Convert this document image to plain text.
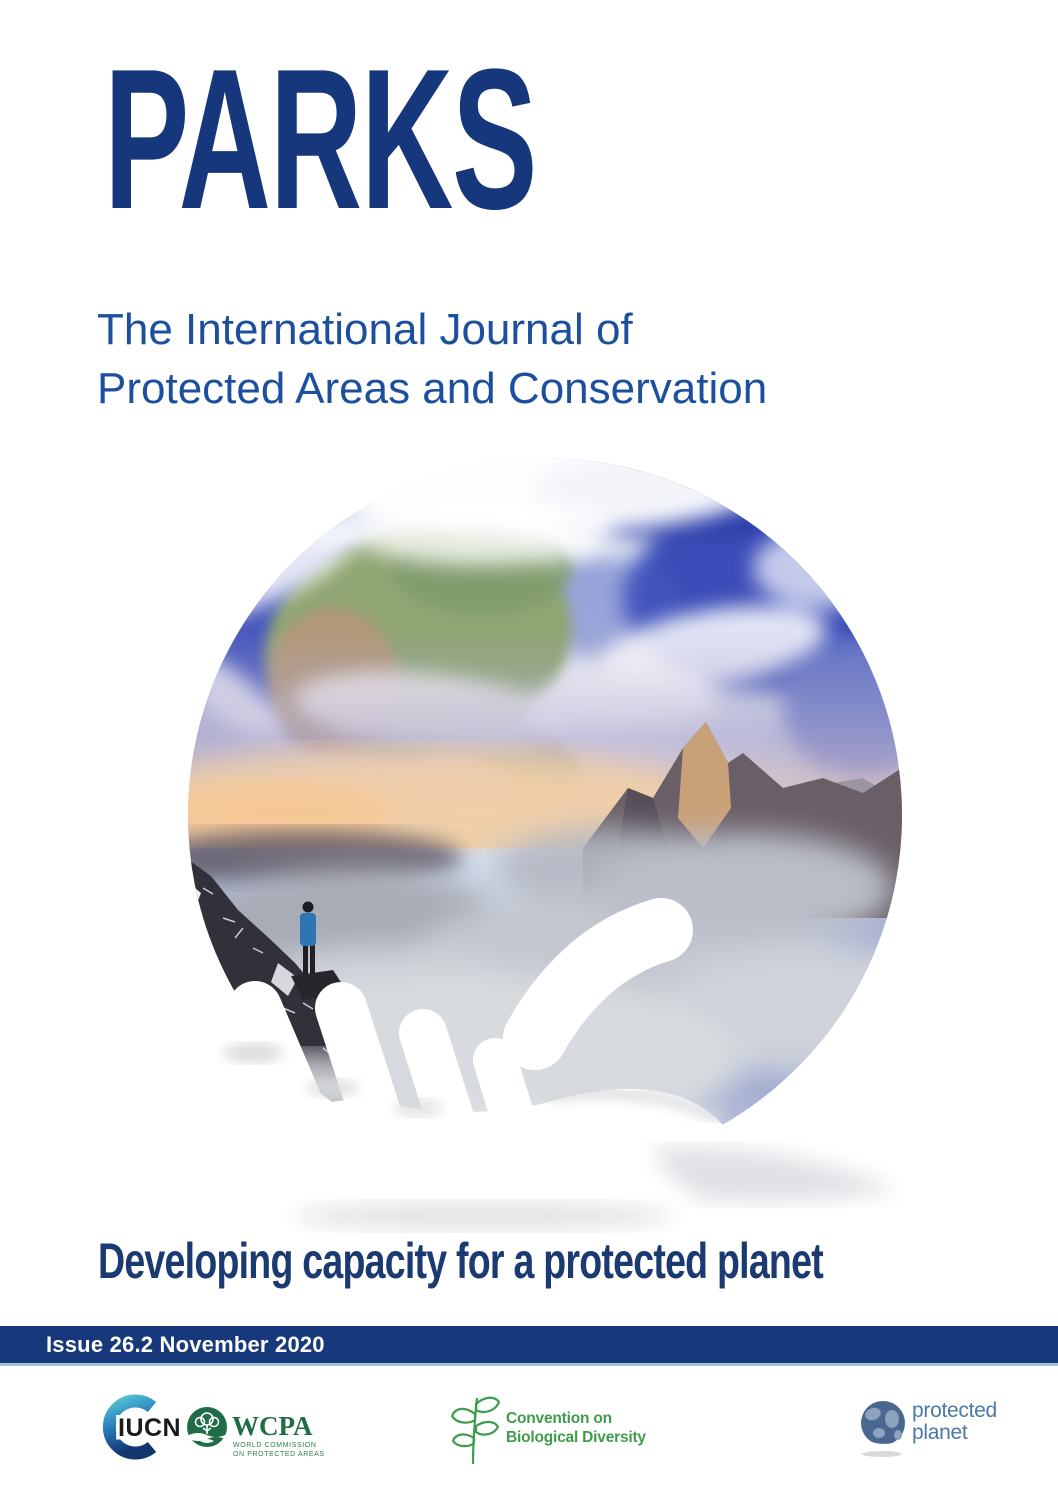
PARKS
The International Journal of
Protected Areas and Conservation
Developing capacity for a protected planet
Issue 26.2 November 2020
IUCN WCPA
WORLD COMMISSION
ON PROTECTED AREAS
Convention on
Biological Diversity
protected
planet
